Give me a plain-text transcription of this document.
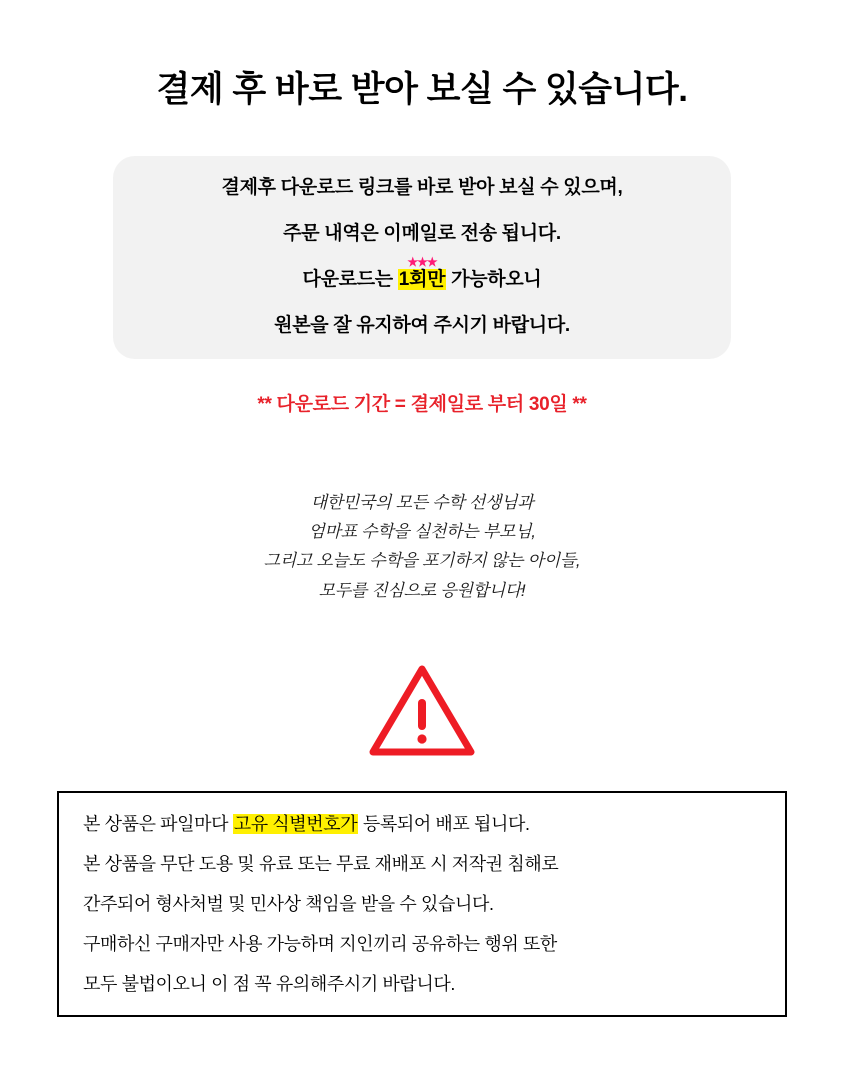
결제 후 바로 받아 보실 수 있습니다.

결제후 다운로드 링크를 바로 받아 보실 수 있으며,

주문 내역은 이메일로 전송 됩니다.

다운로드는
★★★
1회만 가능하오니

원본을 잘 유지하여 주시기 바랍니다.

** 다운로드 기간 = 결제일로 부터 30일 **

대한민국의 모든 수학 선생님과
엄마표 수학을 실천하는 부모님,
그리고 오늘도 수학을 포기하지 않는 아이들,
모두를 진심으로 응원합니다!

본 상품은 파일마다 고유 식별번호가 등록되어 배포 됩니다.

본 상품을 무단 도용 및 유료 또는 무료 재배포 시 저작권 침해로

간주되어 형사처벌 및 민사상 책임을 받을 수 있습니다.

구매하신 구매자만 사용 가능하며 지인끼리 공유하는 행위 또한

모두 불법이오니 이 점 꼭 유의해주시기 바랍니다.
